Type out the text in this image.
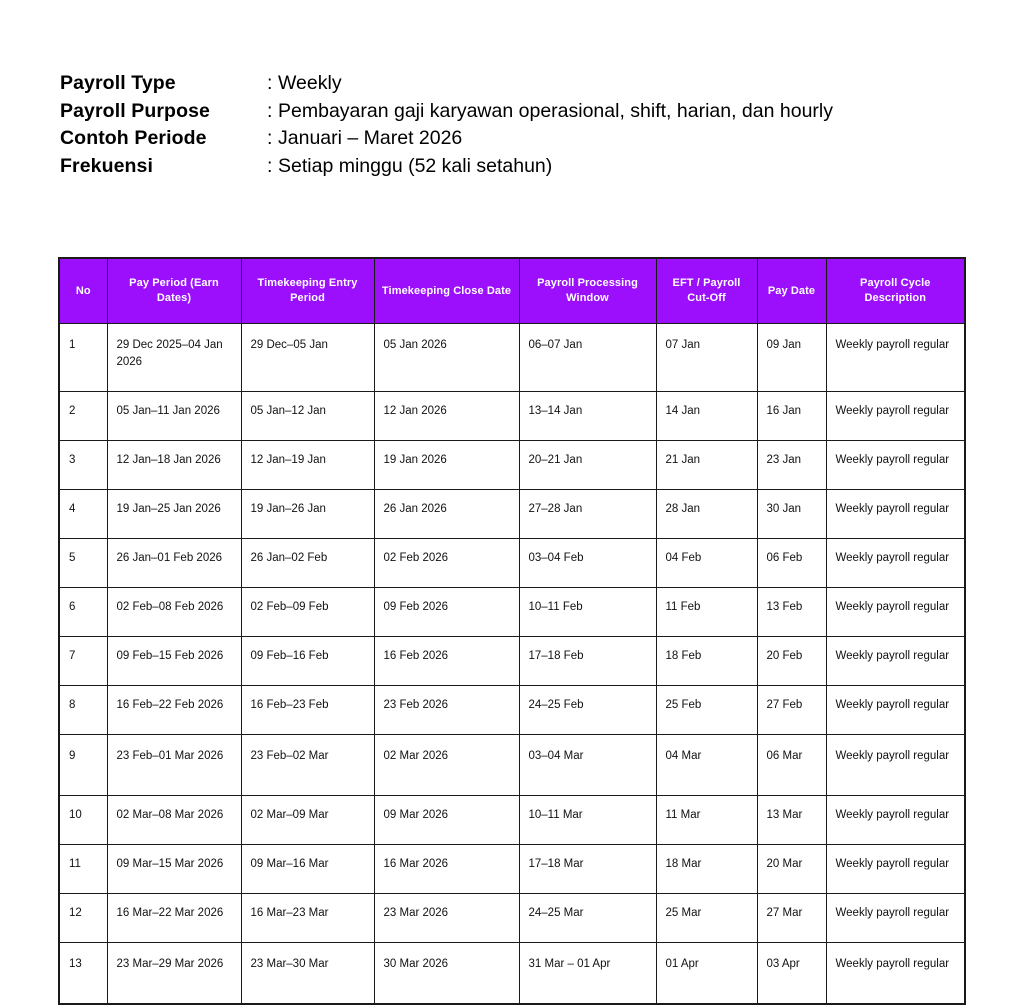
Payroll Type	: Weekly
Payroll Purpose	: Pembayaran gaji karyawan operasional, shift, harian, dan hourly
Contoh Periode	: Januari – Maret 2026
Frekuensi	: Setiap minggu (52 kali setahun)
No	Pay Period (Earn Dates)	Timekeeping Entry Period	Timekeeping Close Date	Payroll Processing Window	EFT / Payroll Cut-Off	Pay Date	Payroll Cycle Description
1	29 Dec 2025–04 Jan 2026	29 Dec–05 Jan	05 Jan 2026	06–07 Jan	07 Jan	09 Jan	Weekly payroll regular
2	05 Jan–11 Jan 2026	05 Jan–12 Jan	12 Jan 2026	13–14 Jan	14 Jan	16 Jan	Weekly payroll regular
3	12 Jan–18 Jan 2026	12 Jan–19 Jan	19 Jan 2026	20–21 Jan	21 Jan	23 Jan	Weekly payroll regular
4	19 Jan–25 Jan 2026	19 Jan–26 Jan	26 Jan 2026	27–28 Jan	28 Jan	30 Jan	Weekly payroll regular
5	26 Jan–01 Feb 2026	26 Jan–02 Feb	02 Feb 2026	03–04 Feb	04 Feb	06 Feb	Weekly payroll regular
6	02 Feb–08 Feb 2026	02 Feb–09 Feb	09 Feb 2026	10–11 Feb	11 Feb	13 Feb	Weekly payroll regular
7	09 Feb–15 Feb 2026	09 Feb–16 Feb	16 Feb 2026	17–18 Feb	18 Feb	20 Feb	Weekly payroll regular
8	16 Feb–22 Feb 2026	16 Feb–23 Feb	23 Feb 2026	24–25 Feb	25 Feb	27 Feb	Weekly payroll regular
9	23 Feb–01 Mar 2026	23 Feb–02 Mar	02 Mar 2026	03–04 Mar	04 Mar	06 Mar	Weekly payroll regular
10	02 Mar–08 Mar 2026	02 Mar–09 Mar	09 Mar 2026	10–11 Mar	11 Mar	13 Mar	Weekly payroll regular
11	09 Mar–15 Mar 2026	09 Mar–16 Mar	16 Mar 2026	17–18 Mar	18 Mar	20 Mar	Weekly payroll regular
12	16 Mar–22 Mar 2026	16 Mar–23 Mar	23 Mar 2026	24–25 Mar	25 Mar	27 Mar	Weekly payroll regular
13	23 Mar–29 Mar 2026	23 Mar–30 Mar	30 Mar 2026	31 Mar – 01 Apr	01 Apr	03 Apr	Weekly payroll regular
